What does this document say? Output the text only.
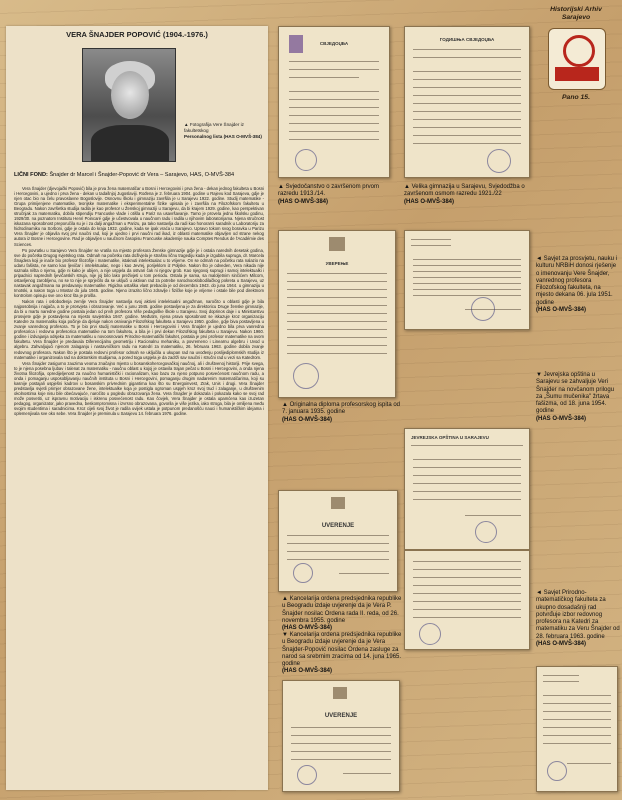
VERA ŠNAJDER POPOVIĆ (1904.-1976.)
▲ Fotografija Vere Šnajder iz fakultetskog
Personalnog lista (HAS O-MVŠ-384)
LIČNI FOND: Šnajder dr Marcel i Šnajder-Popović dr Vera – Sarajevo, HAS, O-MVŠ-384

Vera Šnajder (djevojački Popović) bila je prva žena matematičar u Bosni i Hercegovini i prva žena - dekan jednog fakulteta u Bosni i Hercegovini, a ujedno i prva žena - dekan u tadašnjoj Jugoslaviji. Rođena je 2. februara 1904. godine u Rajevu kod Sarajeva, gdje je njen otac bio na čelu pravoslavne Bogoslovije. Osnovnu školu i gimnaziju završila je u Sarajevu 1922. godine. Studij matematike - Grupa primijenjene matematike, teorijske matematike i eksperimentalne fizike upisala je i završila na Filozofskom fakultetu u Beogradu. Nakon završetka studija radila je kao profesor u Ženskoj gimnaziji u Sarajevu, da bi krajem 1929. godine, kao perspektivan stručnjak za matematiku, dobila stipendiju Francuske vlade i otišla u Pariz na usavršavanje. Tamo je provela jednu školsku godinu, 1929/30. na poznatom Institutu Henri Poincaré gdje je učestvovala u naučnom radu i radila u njihovim laboratorijama. Njena stručnost iskazana sposobnost preporučila su je i za dalji angažman u Parizu, pa tako nastavlja da radi kao honorarni saradnik u Laboratoriju za hidrodinamiku na Sorboni, gdje je ostala do kraja 1932. godine, kada se ipak vraća u Sarajevo. Upravo tokom svog boravka u Parizu Vera Šnajder je objavila svoj prvi naučni rad, koji je ujedno i prvi naučni rad ikad, iz oblasti matematike objavljen od strane nekog autora iz Bosne i Hercegovine. Rad je objavljen u naučnom časopisu Francuske akademije nauka Comptes Rendus de l'Académie des Sciences.

Po povratku u Sarajevo Vera Šnajder se vratila na mjesto profesora Ženske gimnazije gdje je i ostala narednih desetak godina, sve do početka Drugog svjetskog rata. Odmah na početku rata doživjela je strašnu ličnu tragediju kada je izgubila supruga, dr. Marcela Šnajdera koji je inače bio profesor filozofije i matematike, istaknuti intelektualac u to vrijeme. On se odmah na početku rata nalazio na udaru fašista, ne samo kao ljevičar i intelektualac, nego i kao Jevrej, porijeklom iz Poljske. Nakon što je odveden, Vera nikada nije saznala ništa o njemu, gdje ni kako je ubijen, a nije uspjela da ostvari čak ni njegov grob. Kao njegovoj suprugi i samoj intelektualki i pripadnici naprednih ljevičarskih struja, nije joj bilo lako preživjeti u tom periodu. Ostala je sama, sa maloljetnim sinčićem Milcom, ostavljenog zarobljenu, no se to nije je sprječilo da se uključi u aktivan rad za potrebe narodnooslobodilačkog pokreta u Sarajevu, uz nastavak angažmana na predavanju matematike. Rigidna ustaška vlast prebacila je od decembra 1943. do juna 1944. u gimnaziju u Imotski, a nakon toga u Mostar do jula 1945. godine. Njeno izrazito lično zdravlje i fizičke koje je vrijeme i ostale bile pod direktnom kontrolom opisuju sve ono kroz šta je prošla.

Nakon rata i oslobođenja zemlje Vera Šnajder nastavlja svoj aktivni intelektualni angažman, naročito u oblasti gdje je bila najposobnija i najjača, a to je prosvjeta i obrazovanje. Već u junu 1945. godine postavljena je za direktoricu Druge ženske gimnazije, da bi u martu naredne godine postala jedan od prvih profesora Više pedagoške škole u Sarajevu. Svoj doprinos daje i u Ministarstvu prosvjete gdje je postavljena na mjesto savjetnika 1947. godine. Međutim, njena prava sposobnost se iskazuje kroz organizaciju Katedre za matematiku koja počinje da djeluje nakon osnivanja Filozofskog fakulteta u Sarajevu 1950. godine, gdje biva postavljena u zvanje vanrednog profesora. To je bio prvi studij matematike u Bosni i Hercegovini i Vera Šnajder je ujedno bila prva vanredna profesorica i redovna profesorica matematike na tom fakultetu, a bila je i prvi dekan Filozofskog fakulteta u Sarajevu. Nakon 1960. godine i izdvajanja odsjeka za matematiku u novoosnovani Prirodno-matematički fakultet, postala je prvi profesor matematike na ovom fakultetu. Vera Šnajder je predavala Diferencijalnu geometriju i Racionalnu mehaniku, a povremeno i Linearnu algebru i Uvod u algebru. Zahvaljujući njenom zalaganju i nastavničkom radu na Katedri za matematiku, 26. februara 1963. godine dobila zvanje redovnog profesora. Nakon što je postala redovni profesor odmah se uključila u ukupan rad na uvođenju poslijediplomskih studija iz matematike i organizovala rad na doktorskim studijama, a pored toga uspjela je da zadrži sav naučni i stručni rad u vezi sa Katedrom.

Vera Šnajder zasigurno zauzima veoma značajno mjesto u bosanskohercegovačkoj naučnoj, ali i društvenoj historiji. Prije svega, to je njena posebna ljubav i talenat za matematiku - naučnu oblast u kojoj je ostavila trajan pečat u Bosni i Hercegovini, a onda njena životna filozofija, opredijeljenost za naučno humanistički i racionalizam, kao bazu za njeno potpuno posvećenost naučnom radu, a onda i pomaganju usposobljavanju naučnih instituta u Bosni i Hercegovini, pomaganju drugim nadarenim matematičarima, koji su kasnije postajali uspješni kadrovi u bosanskim privrednim gigantima kao što su Energoinvest, Zrak, Unis i drugi. Vera Šnajder predstavlja svjetli primjer obrazovane žene, intelektualke koja je postigla ogroman uspjeh kroz svoj trud i zalaganje, u društvenim okolnostima koje nisu bile obećavajuće, naročito u pogledu obrazovanja žena. Vera Šnajder je dokazala i pokazala kako se svoj rad može posvetiti, uz ispravnu motivaciju i iskrenu posvećenost radu. Kao čovjek, Vera Šnajder je ostala upamćena kao izuzetan pedagog, organizator, jako pravedna, beskompromisna i izvrsno obrazovana, govorila je više jezika, iako stroga, bila je omiljena među svojim studentima i saradnicima. Kroz cijeli svoj život je radila uvijek ustala je potpunom predanošću nauci i humanističkim idejama i oplemenjivala sve oko sebe. Vera Šnajder je preminula u Sarajevu 14. februara 1976. godine.

Historijski Arhiv
Sarajevo
Pano 15.
СВЈЕДОЏБА
▲ Svjedočanstvo o završenom prvom razredu 1913./14.
(HAS O-MVŠ-384)
ГОДИШЊА СВЈЕДОЏБА
▲ Velika gimnazija u Sarajevu, Svjedodžba o završenom osmom razredu 1921./22
(HAS O-MVŠ-384)
◄ Savjet za prosvjetu, nauku i kulturu NRBiH donosi rješenje o imenovanju Vere Šnajder, vanrednog profesora Filozofskog fakulteta, na mjesto dekana 06. jula 1951. godine
(HAS O-MVŠ-384)
▼ Jevrejska opština u Sarajevu se zahvaljuje Veri Šnajder na novčanom prilogu za „Šumu mučenika" žrtava fašizma, od 18. juna 1954. godine
(HAS O-MVŠ-384)
УВЕРЕЊЕ
▲ Originalna diploma profesorskog ispita od 7. januara 1935. godine
(HAS O-MVŠ-384)
JEVREJSKA OPŠTINA U SARAJEVU
◄ Savjet Prirodno- matematičkog fakulteta za ukupno dosadašnji rad potvrđuje izbor redovnog profesora na Katedri za matematiku za Veru Šnajder od 28. februara 1963. godine
(HAS O-MVŠ-384)
UVERENJE
▲ Kancelarija ordena predsjednika republike u Beogradu izdaje uvjerenje da je Vera P. Šnajder nosilac Ordena rada II. reda, od 26. novembra 1955. godine
(HAS O-MVŠ-384)
▼ Kancelarija ordena predsjednika republike u Beogradu izdaje uvjerenje da je Vera Šnajder-Popović nosilac Ordena zasluge za narod sa srebrnim zracima od 14. juna 1965. godine
(HAS O-MVŠ-384)
UVERENJE
